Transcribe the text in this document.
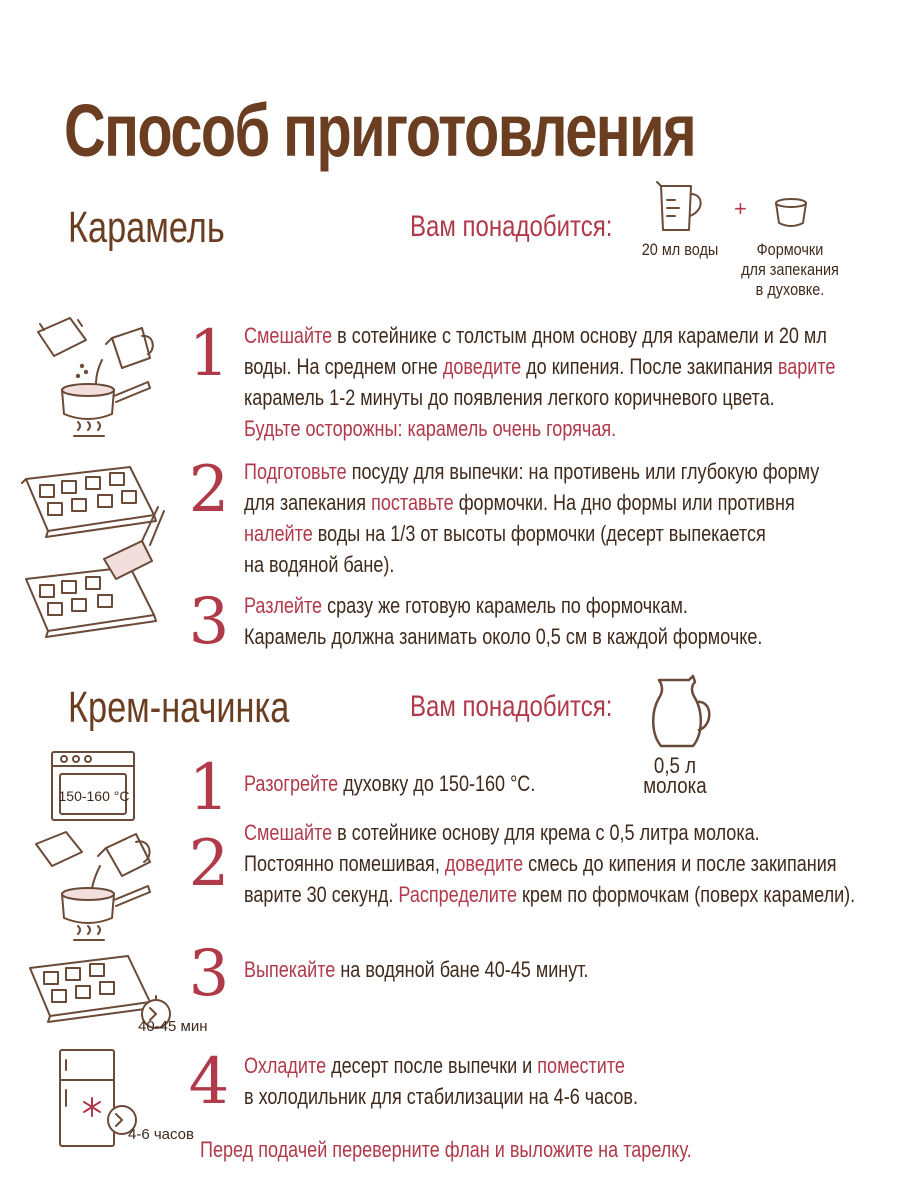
Способ приготовления
Карамель	Вам понадобится:
+
20 мл воды	Формочки
для запекания
в духовке.
1 Смешайте в сотейнике с толстым дном основу для карамели и 20 мл
воды. На среднем огне доведите до кипения. После закипания варите
карамель 1-2 минуты до появления легкого коричневого цвета.
Будьте осторожны: карамель очень горячая.
2 Подготовьте посуду для выпечки: на противень или глубокую форму
для запекания поставьте формочки. На дно формы или противня
налейте воды на 1/3 от высоты формочки (десерт выпекается
на водяной бане).
3 Разлейте сразу же готовую карамель по формочкам.
Карамель должна занимать около 0,5 см в каждой формочке.
Крем-начинка	Вам понадобится:
0,5 л молока
150-160 °C 1 Разогрейте духовку до 150-160 °С.
2 Смешайте в сотейнике основу для крема с 0,5 литра молока.
Постоянно помешивая, доведите смесь до кипения и после закипания
варите 30 секунд. Распределите крем по формочкам (поверх карамели).
40-45 мин
3 Выпекайте на водяной бане 40-45 минут.
4-6 часов
4 Охладите десерт после выпечки и поместите
в холодильник для стабилизации на 4-6 часов.
Перед подачей переверните флан и выложите на тарелку.
